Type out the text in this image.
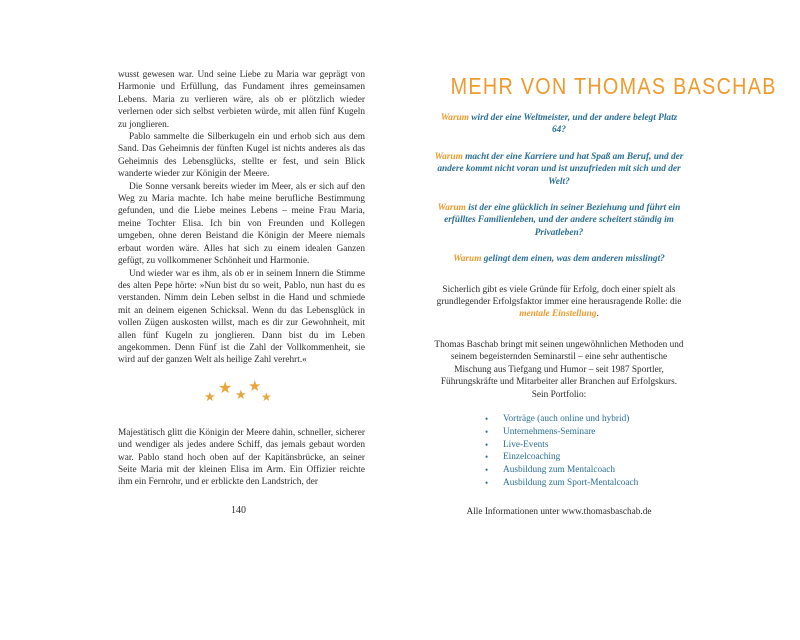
wusst gewesen war. Und seine Liebe zu Maria war geprägt von Harmonie und Erfüllung, das Fundament ihres gemeinsamen Lebens. Maria zu verlieren wäre, als ob er plötzlich wieder verlernen oder sich selbst verbieten würde, mit allen fünf Kugeln zu jonglieren.

Pablo sammelte die Silberkugeln ein und erhob sich aus dem Sand. Das Geheimnis der fünften Kugel ist nichts anderes als das Geheimnis des Lebensglücks, stellte er fest, und sein Blick wanderte wieder zur Königin der Meere.

Die Sonne versank bereits wieder im Meer, als er sich auf den Weg zu Maria machte. Ich habe meine berufliche Bestimmung gefunden, und die Liebe meines Lebens – meine Frau Maria, meine Tochter Elisa. Ich bin von Freunden und Kollegen umgeben, ohne deren Beistand die Königin der Meere niemals erbaut worden wäre. Alles hat sich zu einem idealen Ganzen gefügt, zu vollkommener Schönheit und Harmonie.

Und wieder war es ihm, als ob er in seinem Innern die Stimme des alten Pepe hörte: »Nun bist du so weit, Pablo, nun hast du es verstanden. Nimm dein Leben selbst in die Hand und schmiede mit an deinem eigenen Schicksal. Wenn du das Lebensglück in vollen Zügen auskosten willst, mach es dir zur Gewohnheit, mit allen fünf Kugeln zu jonglieren. Dann bist du im Leben angekommen. Denn Fünf ist die Zahl der Vollkommenheit, sie wird auf der ganzen Welt als heilige Zahl verehrt.«

★ ★ ★ ★
★

Majestätisch glitt die Königin der Meere dahin, schneller, sicherer und wendiger als jedes andere Schiff, das jemals gebaut worden war. Pablo stand hoch oben auf der Kapitänsbrücke, an seiner Seite Maria mit der kleinen Elisa im Arm. Ein Offizier reichte ihm ein Fernrohr, und er erblickte den Landstrich, der

140
MEHR VON THOMAS BASCHAB

Warum wird der eine Weltmeister, und der andere belegt Platz 64?

Warum macht der eine Karriere und hat Spaß am Beruf, und der andere kommt nicht voran und ist unzufrieden mit sich und der Welt?

Warum ist der eine glücklich in seiner Beziehung und führt ein erfülltes Familienleben, und der andere scheitert ständig im Privatleben?

Warum gelingt dem einen, was dem anderen misslingt?

Sicherlich gibt es viele Gründe für Erfolg, doch einer spielt als grundlegender Erfolgsfaktor immer eine herausragende Rolle: die mentale Einstellung.

Thomas Baschab bringt mit seinen ungewöhnlichen Methoden und seinem begeisternden Seminarstil – eine sehr authentische Mischung aus Tiefgang und Humor – seit 1987 Sportler, Führungskräfte und Mitarbeiter aller Branchen auf Erfolgskurs. Sein Portfolio:

• Vorträge (auch online und hybrid)
• Unternehmens-Seminare
• Live-Events
• Einzelcoaching
• Ausbildung zum Mentalcoach
• Ausbildung zum Sport-Mentalcoach

Alle Informationen unter www.thomasbaschab.de
